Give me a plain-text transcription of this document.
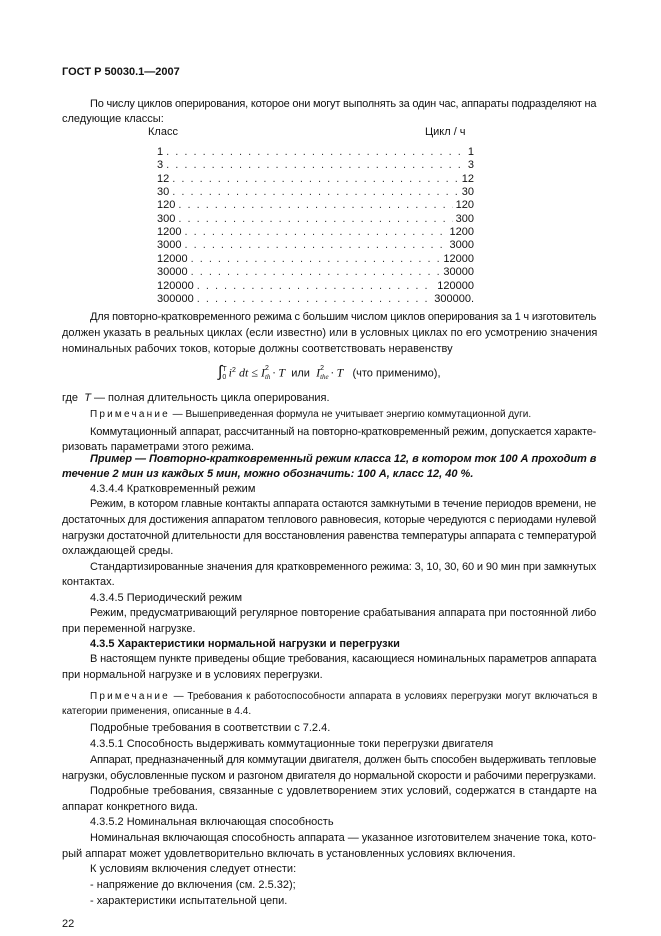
ГОСТ Р 50030.1—2007
По числу циклов оперирования, которое они могут выполнять за один час, аппараты подразделяют на
следующие классы:
Класс	Цикл / ч
1 . . .	1
3 . . .	3
12 . . .	12
30 . . .	30
120 . . .	120
300 . . .	300
1200 . . .	1200
3000 . . .	3000
12000 . . .	12000
30000 . . .	30000
120000 . . .	120000
300000 . . .	300000.
Для повторно-кратковременного режима с большим числом циклов оперирования за 1 ч изготовитель
должен указать в реальных циклах (если известно) или в условных циклах по его усмотрению значения
номинальных рабочих токов, которые должны соответствовать неравенству
∫T
0 $i^2$ dt ≤ I2
th · T или I2
the · T (что применимо),
где T — полная длительность цикла оперирования.
Примечание — Вышеприведенная формула не учитывает энергию коммутационной дуги.
Коммутационный аппарат, рассчитанный на повторно-кратковременный режим, допускается характе-
ризовать параметрами этого режима.
Пример — Повторно-кратковременный режим класса 12, в котором ток 100 А проходит в
течение 2 мин из каждых 5 мин, можно обозначить: 100 А, класс 12, 40 %.
4.3.4.4 Кратковременный режим
Режим, в котором главные контакты аппарата остаются замкнутыми в течение периодов времени, не
достаточных для достижения аппаратом теплового равновесия, которые чередуются с периодами нулевой
нагрузки достаточной длительности для восстановления равенства температуры аппарата с температурой
охлаждающей среды.
Стандартизированные значения для кратковременного режима: 3, 10, 30, 60 и 90 мин при замкнутых
контактах.
4.3.4.5 Периодический режим
Режим, предусматривающий регулярное повторение срабатывания аппарата при постоянной либо
при переменной нагрузке.
4.3.5 Характеристики нормальной нагрузки и перегрузки
В настоящем пункте приведены общие требования, касающиеся номинальных параметров аппарата
при нормальной нагрузке и в условиях перегрузки.
Примечание — Требования к работоспособности аппарата в условиях перегрузки могут включаться в
категории применения, описанные в 4.4.
Подробные требования в соответствии с 7.2.4.
4.3.5.1 Способность выдерживать коммутационные токи перегрузки двигателя
Аппарат, предназначенный для коммутации двигателя, должен быть способен выдерживать тепловые
нагрузки, обусловленные пуском и разгоном двигателя до нормальной скорости и рабочими перегрузками.
Подробные требования, связанные с удовлетворением этих условий, содержатся в стандарте на
аппарат конкретного вида.
4.3.5.2 Номинальная включающая способность
Номинальная включающая способность аппарата — указанное изготовителем значение тока, кото-
рый аппарат может удовлетворительно включать в установленных условиях включения.
К условиям включения следует отнести:
- напряжение до включения (см. 2.5.32);
- характеристики испытательной цепи.
22
